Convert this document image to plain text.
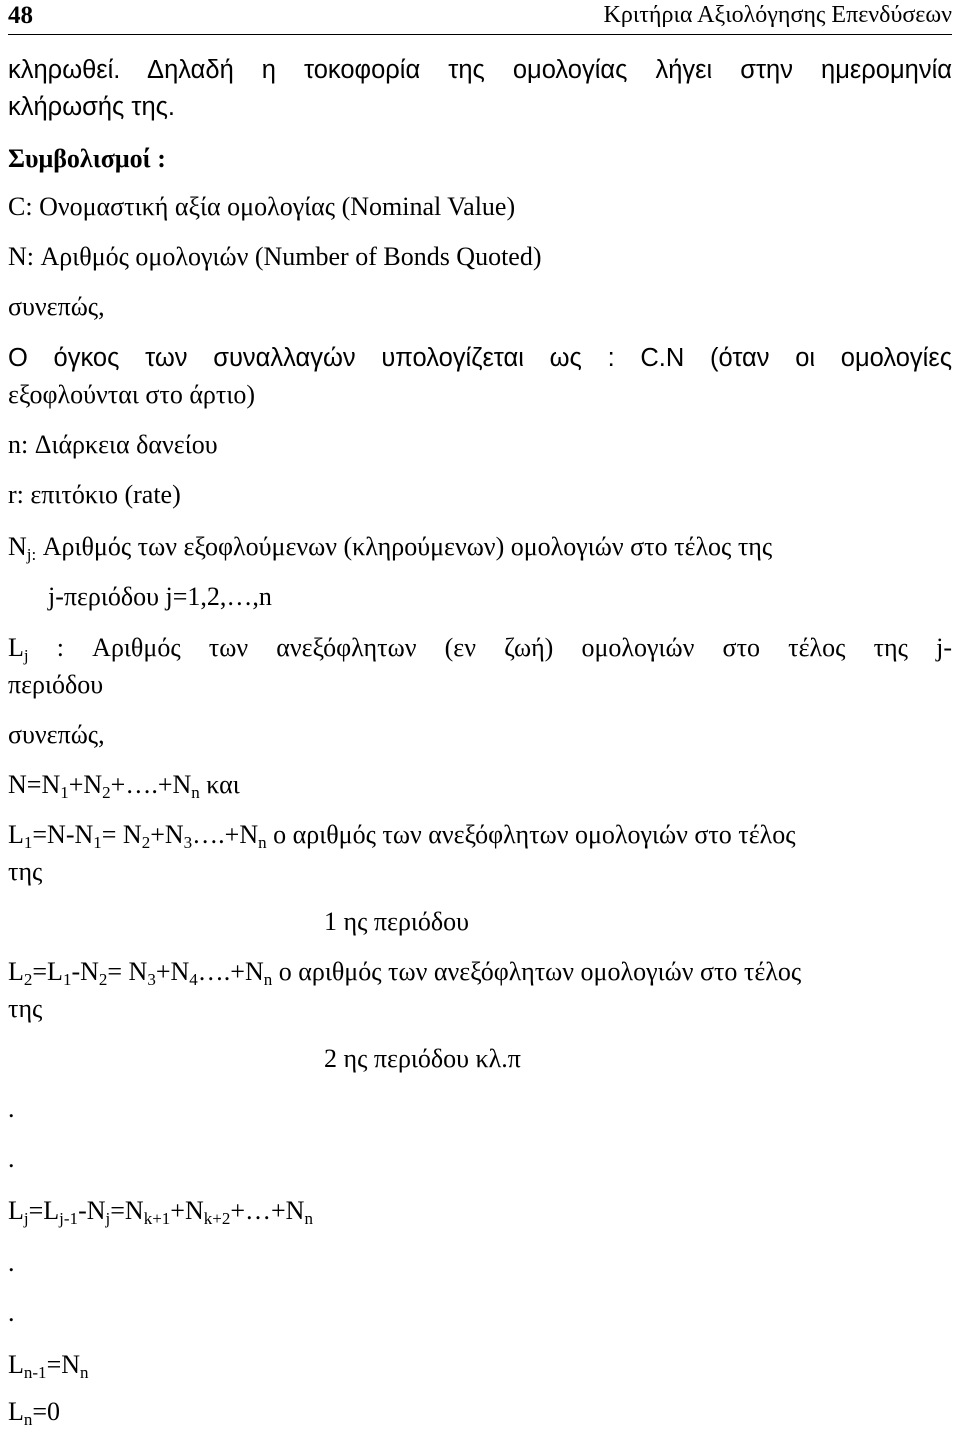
48	Κριτήρια Αξιολόγησης Επενδύσεων
κληρωθεί. Δηλαδή η τοκοφορία της ομολογίας λήγει στην ημερομηνία
κλήρωσής της.
Συμβολισμοί :
C: Ονομαστική αξία ομολογίας (Nominal Value)
N: Αριθμός ομολογιών (Number of Bonds Quoted)
συνεπώς,
Ο όγκος των συναλλαγών υπολογίζεται ως : C.N (όταν οι ομολογίες
εξοφλούνται στο άρτιο)
n: Διάρκεια δανείου
r: επιτόκιο (rate)
Nj: Αριθμός των εξοφλούμενων (κληρούμενων) ομολογιών στο τέλος της
j-περιόδου j=1,2,…,n
Lj : Αριθμός των ανεξόφλητων (εν ζωή) ομολογιών στο τέλος της j-
περιόδου
συνεπώς,
N=N1+N2+….+Nn και
L1=N-N1= N2+N3….+Nn ο αριθμός των ανεξόφλητων ομολογιών στο τέλος
της
1 ης περιόδου
L2=L1-N2= N3+N4….+Nn ο αριθμός των ανεξόφλητων ομολογιών στο τέλος
της
2 ης περιόδου κλ.π
.
.
Lj=Lj-1-Nj=Nk+1+Nk+2+…+Nn
.
.
Ln-1=Nn
Ln=0
